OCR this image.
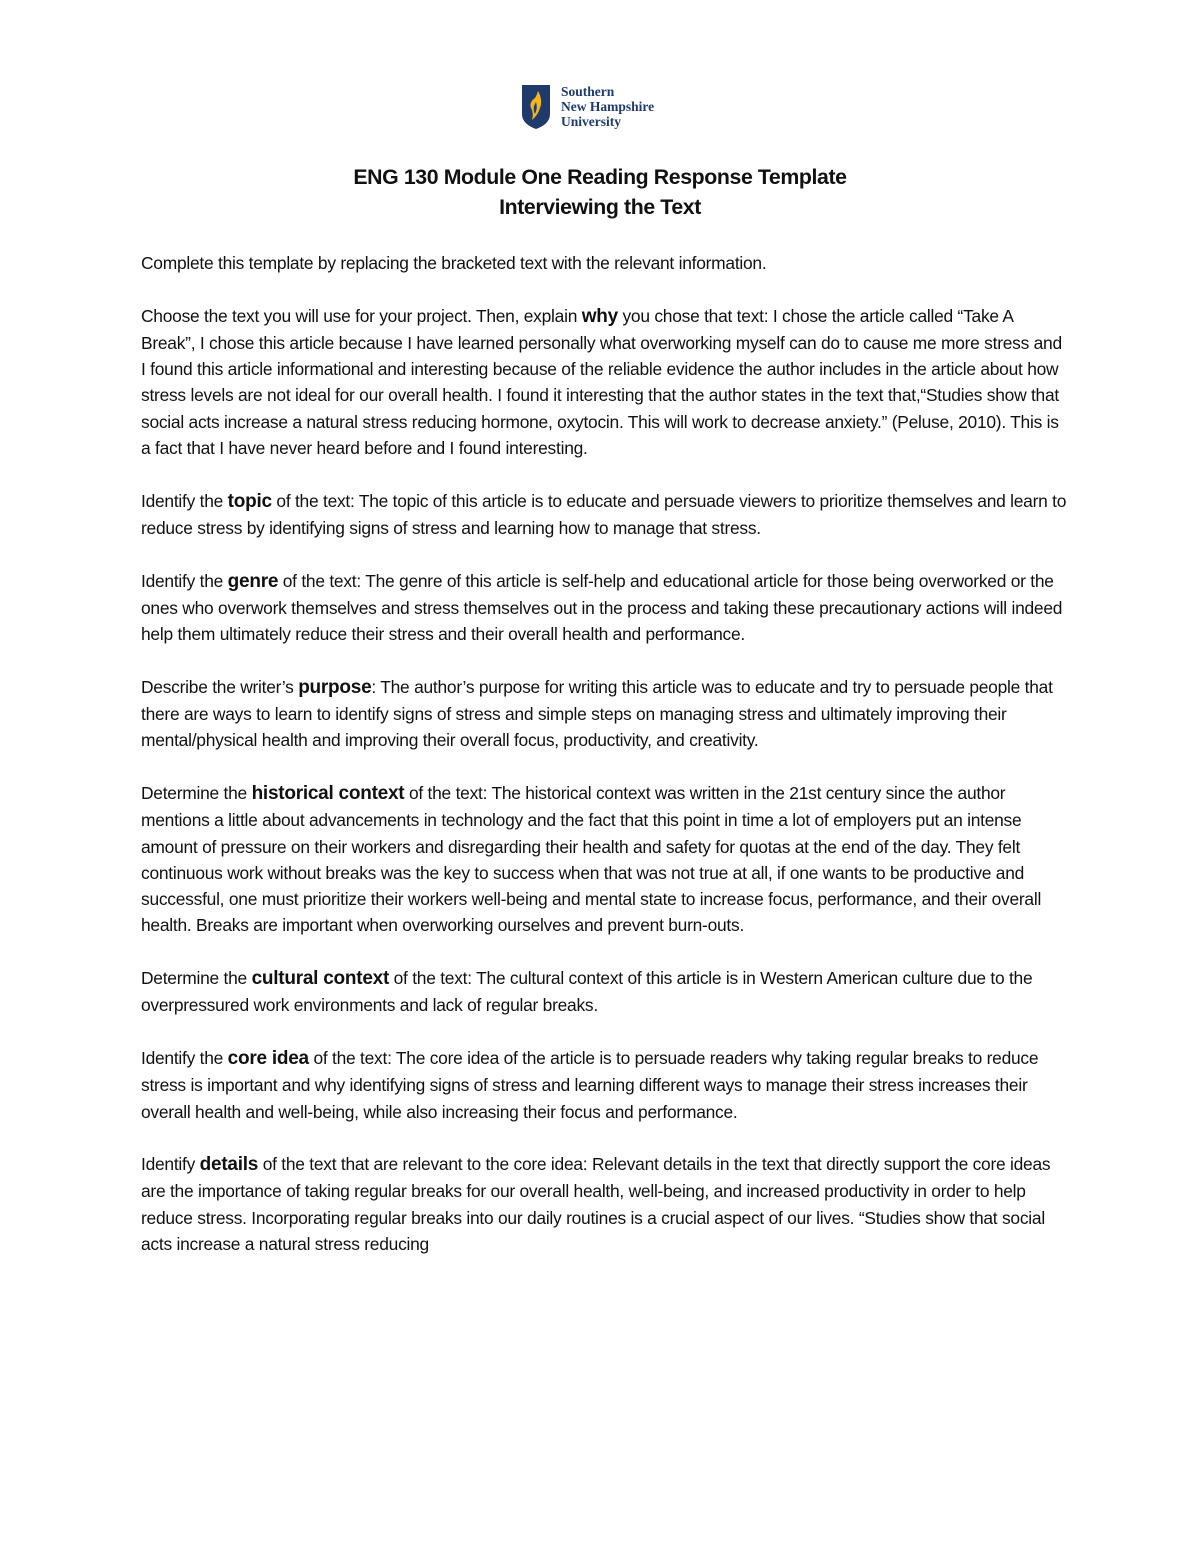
Southern
New Hampshire
University
ENG 130 Module One Reading Response Template
Interviewing the Text

Complete this template by replacing the bracketed text with the relevant information.

Choose the text you will use for your project. Then, explain why you chose that text: I chose the article called “Take A Break”, I chose this article because I have learned personally what overworking myself can do to cause me more stress and I found this article informational and interesting because of the reliable evidence the author includes in the article about how stress levels are not ideal for our overall health. I found it interesting that the author states in the text that,“Studies show that social acts increase a natural stress reducing hormone, oxytocin. This will work to decrease anxiety.” (Peluse, 2010). This is a fact that I have never heard before and I found interesting.

Identify the topic of the text: The topic of this article is to educate and persuade viewers to prioritize themselves and learn to reduce stress by identifying signs of stress and learning how to manage that stress.

Identify the genre of the text: The genre of this article is self-help and educational article for those being overworked or the ones who overwork themselves and stress themselves out in the process and taking these precautionary actions will indeed help them ultimately reduce their stress and their overall health and performance.

Describe the writer’s purpose: The author’s purpose for writing this article was to educate and try to persuade people that there are ways to learn to identify signs of stress and simple steps on managing stress and ultimately improving their mental/physical health and improving their overall focus, productivity, and creativity.

Determine the historical context of the text: The historical context was written in the 21st century since the author mentions a little about advancements in technology and the fact that this point in time a lot of employers put an intense amount of pressure on their workers and disregarding their health and safety for quotas at the end of the day. They felt continuous work without breaks was the key to success when that was not true at all, if one wants to be productive and successful, one must prioritize their workers well-being and mental state to increase focus, performance, and their overall health. Breaks are important when overworking ourselves and prevent burn-outs.

Determine the cultural context of the text: The cultural context of this article is in Western American culture due to the overpressured work environments and lack of regular breaks.

Identify the core idea of the text: The core idea of the article is to persuade readers why taking regular breaks to reduce stress is important and why identifying signs of stress and learning different ways to manage their stress increases their overall health and well-being, while also increasing their focus and performance.

Identify details of the text that are relevant to the core idea: Relevant details in the text that directly support the core ideas are the importance of taking regular breaks for our overall health, well-being, and increased productivity in order to help reduce stress. Incorporating regular breaks into our daily routines is a crucial aspect of our lives. “Studies show that social acts increase a natural stress reducing
